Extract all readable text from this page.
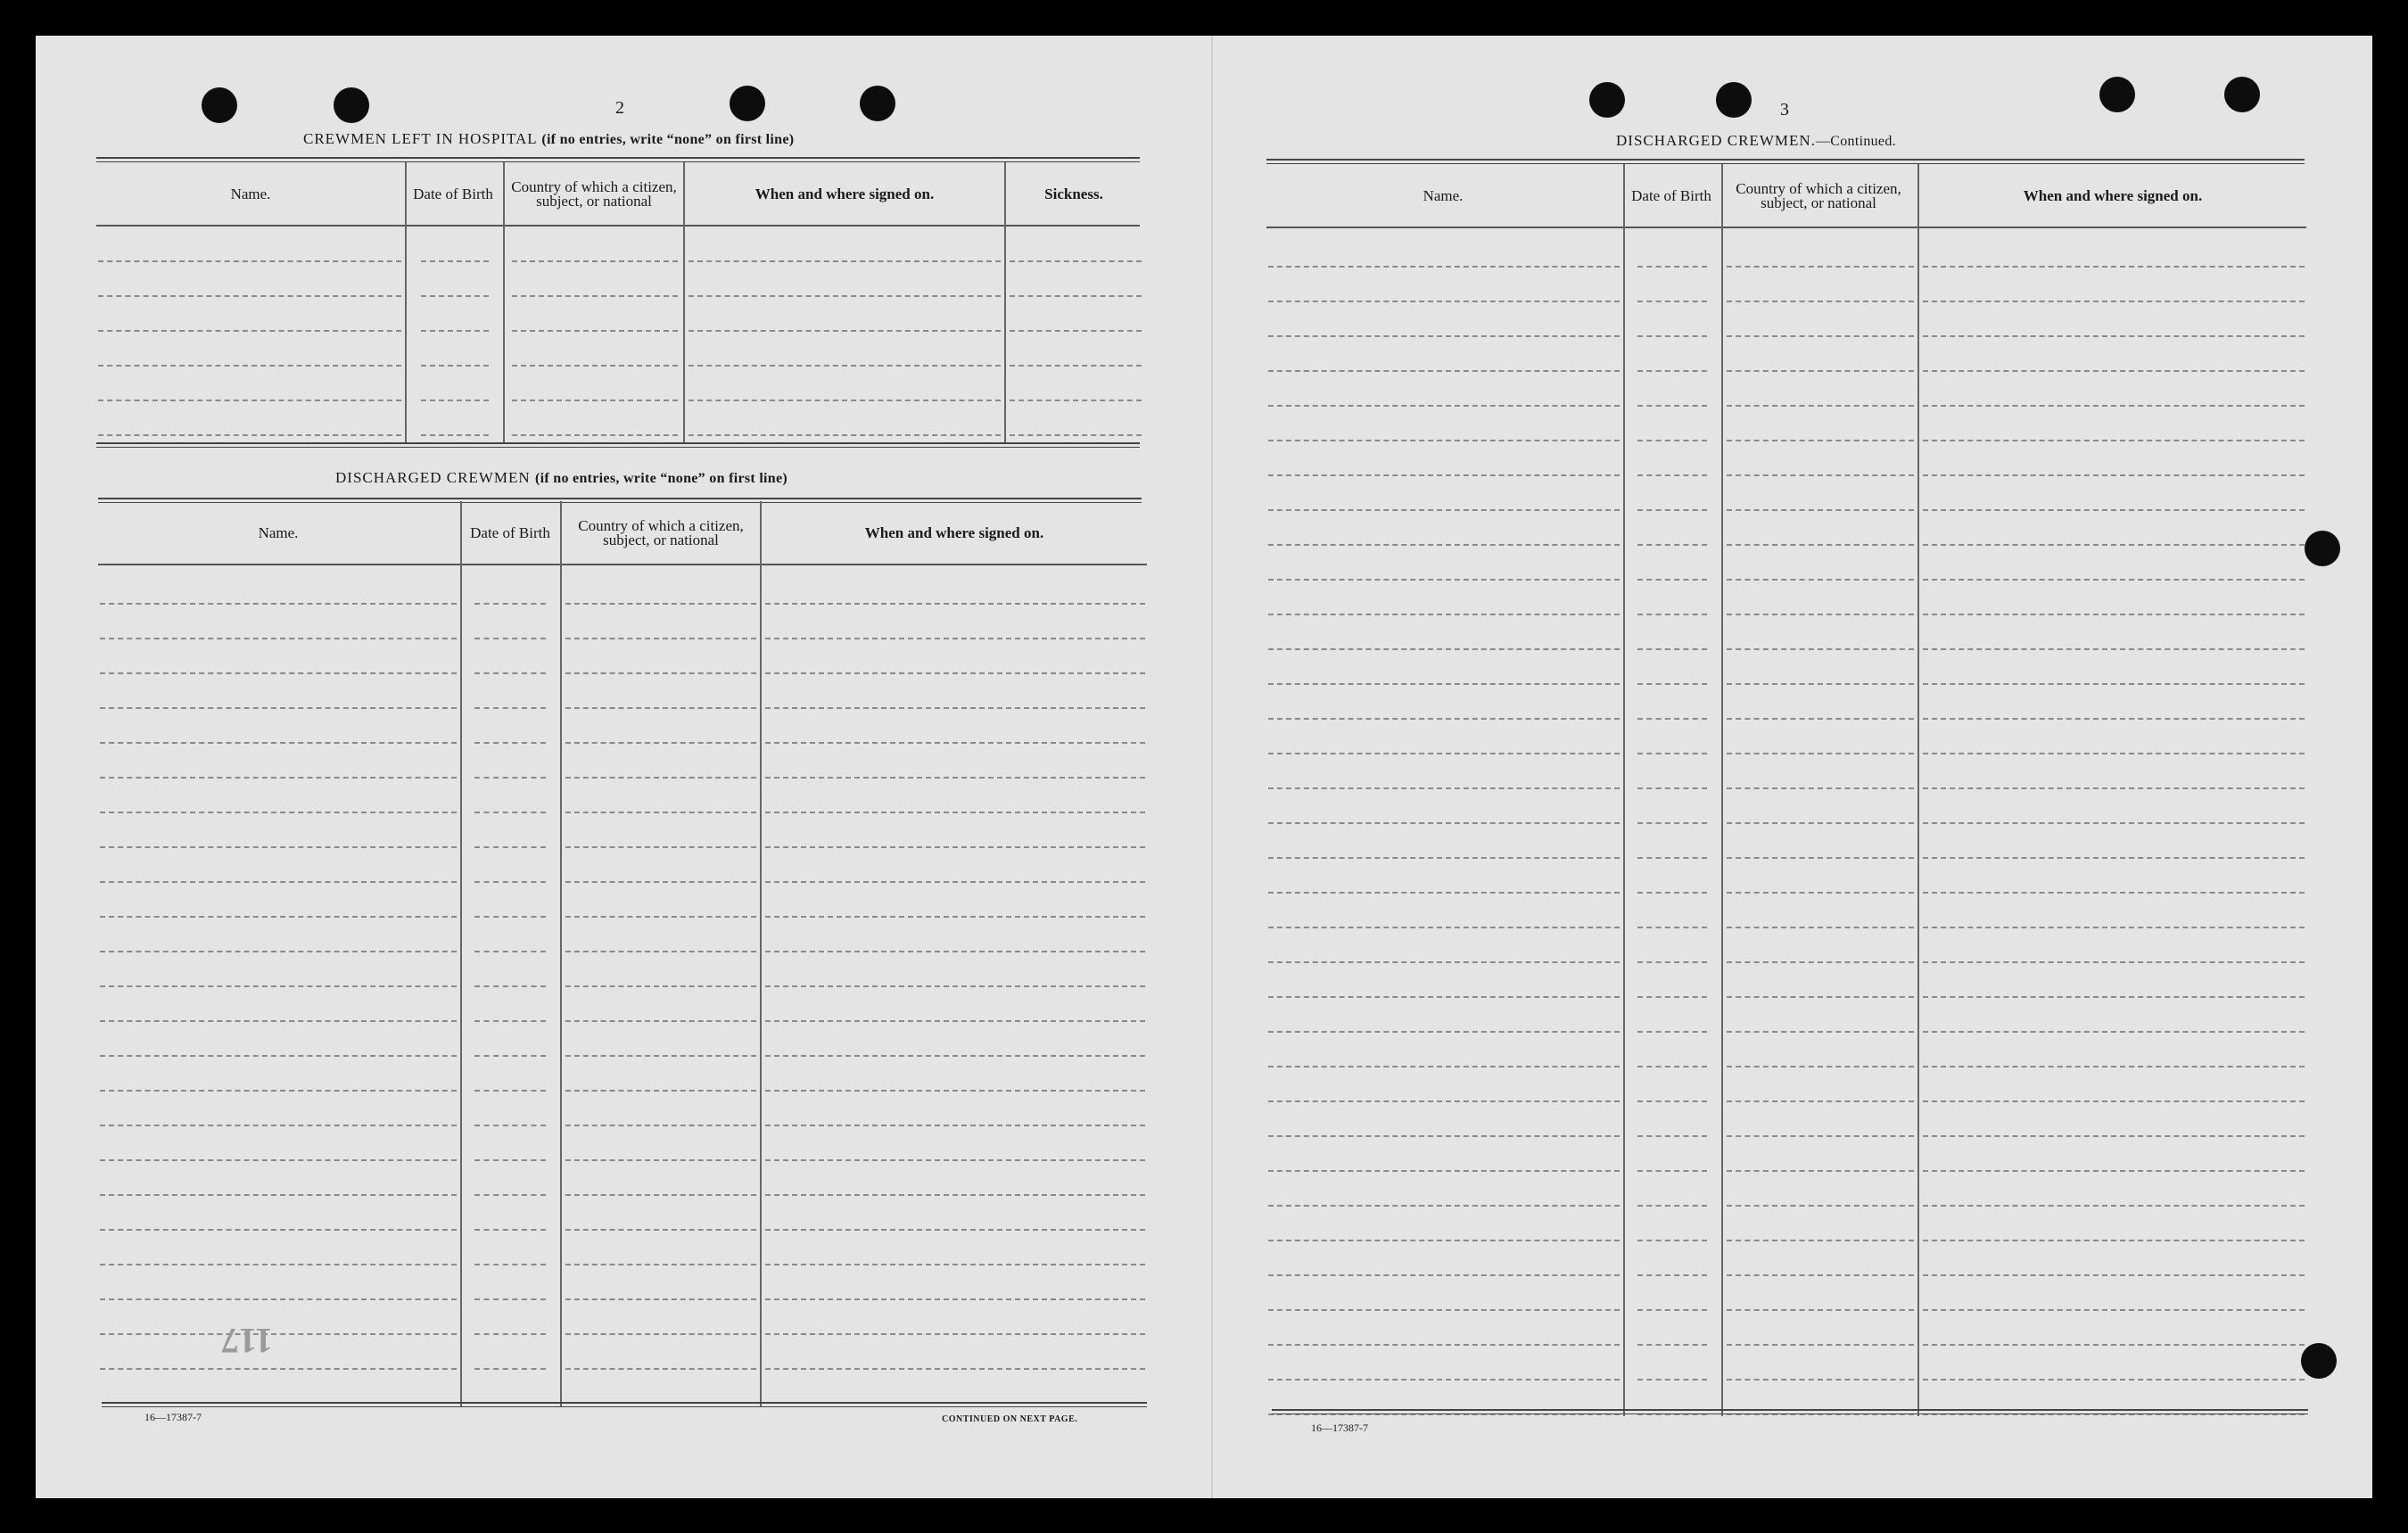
2
CREWMEN LEFT IN HOSPITAL (if no entries, write “none” on first line)
Name.	Date of Birth	Country of which a citizen, subject, or national	When and where signed on.	Sickness.
DISCHARGED CREWMEN (if no entries, write “none” on first line)
Name.	Date of Birth	Country of which a citizen, subject, or national	When and where signed on.
117
16—17387-7	CONTINUED ON NEXT PAGE.
3
DISCHARGED CREWMEN.—Continued.
Name.	Date of Birth	Country of which a citizen, subject, or national	When and where signed on.
16—17387-7
